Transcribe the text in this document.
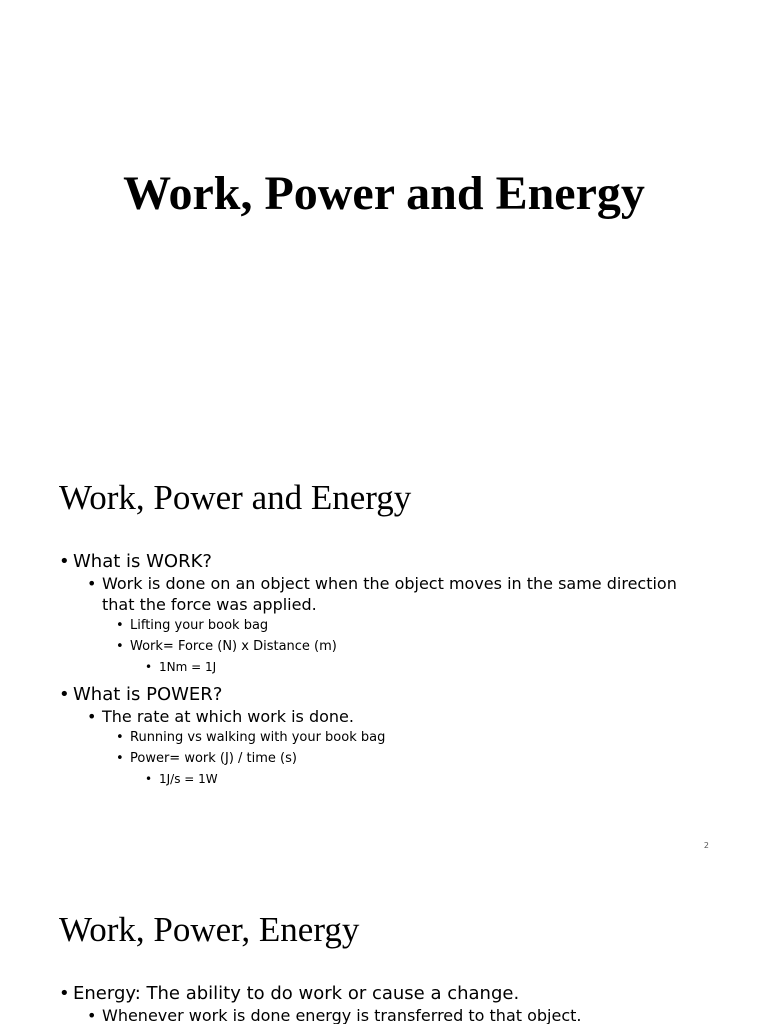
Work, Power and Energy
Work, Power and Energy
• What is WORK?
• Work is done on an object when the object moves in the same direction that the force was applied.
• Lifting your book bag
• Work= Force (N) x Distance (m)
• 1Nm = 1J
• What is POWER?
• The rate at which work is done.
• Running vs walking with your book bag
• Power= work (J) / time (s)
• 1J/s = 1W
2
Work, Power, Energy
• Energy: The ability to do work or cause a change.
• Whenever work is done energy is transferred to that object.
